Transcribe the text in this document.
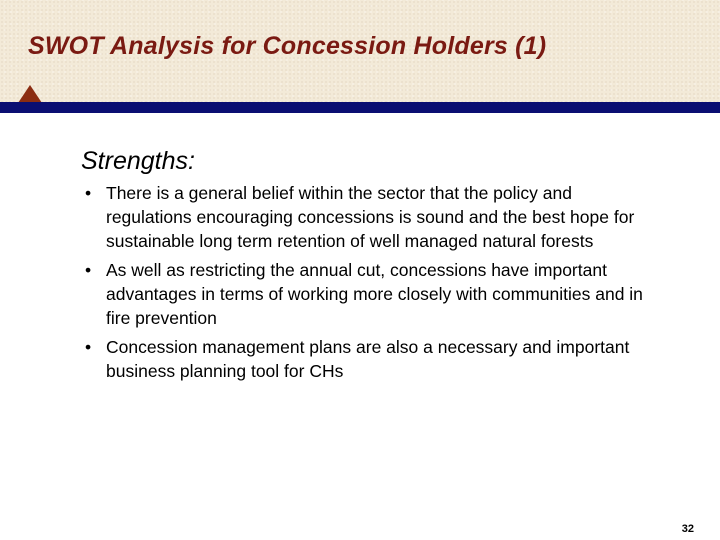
SWOT Analysis for Concession Holders (1)
Strengths:
• There is a general belief within the sector that the policy and regulations encouraging concessions is sound and the best hope for sustainable long term retention of well managed natural forests
• As well as restricting the annual cut, concessions have important advantages in terms of working more closely with communities and in fire prevention
• Concession management plans are also a necessary and important business planning tool for CHs
32
